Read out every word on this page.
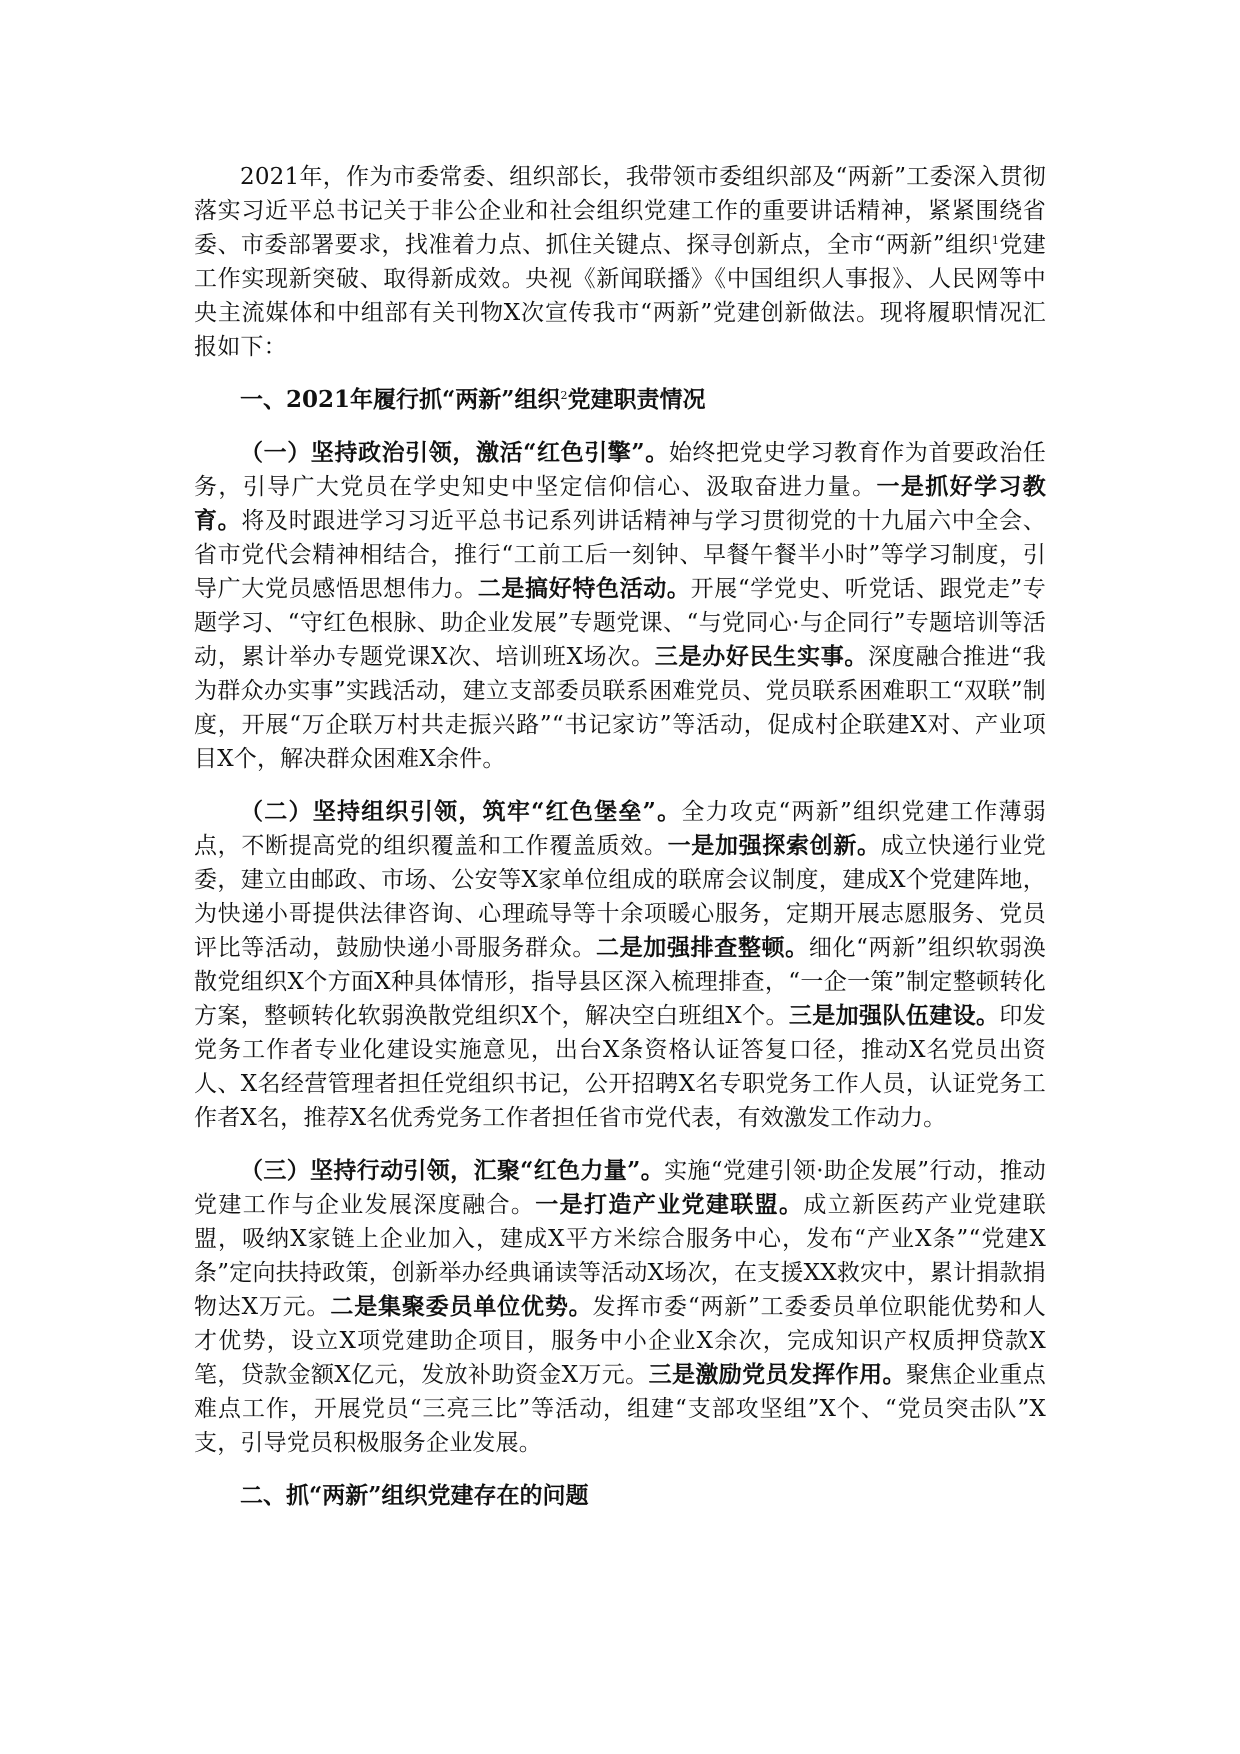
2021年，作为市委常委、组织部长，我带领市委组织部及“两新”工委深入贯彻落实习近平总书记关于非公企业和社会组织党建工作的重要讲话精神，紧紧围绕省委、市委部署要求，找准着力点、抓住关键点、探寻创新点，全市“两新”组织$^1$党建工作实现新突破、取得新成效。央视《新闻联播》《中国组织人事报》、人民网等中央主流媒体和中组部有关刊物X次宣传我市“两新”党建创新做法。现将履职情况汇报如下：

一、2021年履行抓“两新”组织$^2$党建职责情况

（一）坚持政治引领，激活“红色引擎”。始终把党史学习教育作为首要政治任务，引导广大党员在学史知史中坚定信仰信心、汲取奋进力量。一是抓好学习教育。将及时跟进学习习近平总书记系列讲话精神与学习贯彻党的十九届六中全会、省市党代会精神相结合，推行“工前工后一刻钟、早餐午餐半小时”等学习制度，引导广大党员感悟思想伟力。二是搞好特色活动。开展“学党史、听党话、跟党走”专题学习、“守红色根脉、助企业发展”专题党课、“与党同心·与企同行”专题培训等活动，累计举办专题党课X次、培训班X场次。三是办好民生实事。深度融合推进“我为群众办实事”实践活动，建立支部委员联系困难党员、党员联系困难职工“双联”制度，开展“万企联万村共走振兴路”“书记家访”等活动，促成村企联建X对、产业项目X个，解决群众困难X余件。

（二）坚持组织引领，筑牢“红色堡垒”。全力攻克“两新”组织党建工作薄弱点，不断提高党的组织覆盖和工作覆盖质效。一是加强探索创新。成立快递行业党委，建立由邮政、市场、公安等X家单位组成的联席会议制度，建成X个党建阵地，为快递小哥提供法律咨询、心理疏导等十余项暖心服务，定期开展志愿服务、党员评比等活动，鼓励快递小哥服务群众。二是加强排查整顿。细化“两新”组织软弱涣散党组织X个方面X种具体情形，指导县区深入梳理排查，“一企一策”制定整顿转化方案，整顿转化软弱涣散党组织X个，解决空白班组X个。三是加强队伍建设。印发党务工作者专业化建设实施意见，出台X条资格认证答复口径，推动X名党员出资人、X名经营管理者担任党组织书记，公开招聘X名专职党务工作人员，认证党务工作者X名，推荐X名优秀党务工作者担任省市党代表，有效激发工作动力。

（三）坚持行动引领，汇聚“红色力量”。实施“党建引领·助企发展”行动，推动党建工作与企业发展深度融合。一是打造产业党建联盟。成立新医药产业党建联盟，吸纳X家链上企业加入，建成X平方米综合服务中心，发布“产业X条”“党建X条”定向扶持政策，创新举办经典诵读等活动X场次，在支援XX救灾中，累计捐款捐物达X万元。二是集聚委员单位优势。发挥市委“两新”工委委员单位职能优势和人才优势，设立X项党建助企项目，服务中小企业X余次，完成知识产权质押贷款X笔，贷款金额X亿元，发放补助资金X万元。三是激励党员发挥作用。聚焦企业重点难点工作，开展党员“三亮三比”等活动，组建“支部攻坚组”X个、“党员突击队”X支，引导党员积极服务企业发展。

二、抓“两新”组织党建存在的问题
